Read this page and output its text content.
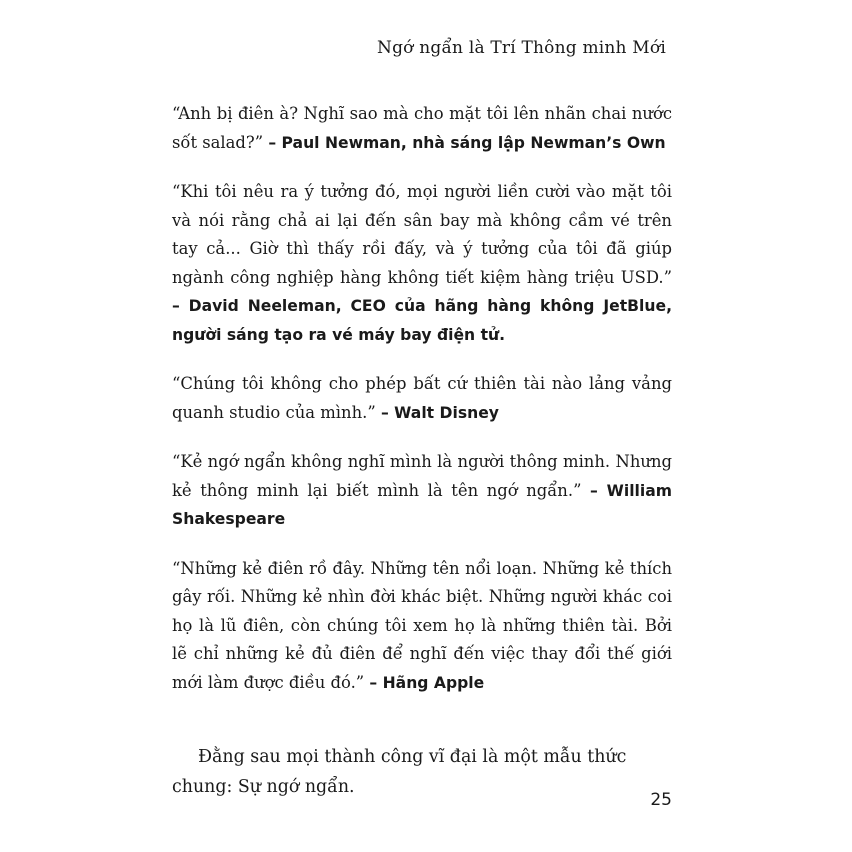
Ngớ ngẩn là Trí Thông minh Mới

“Anh bị điên à? Nghĩ sao mà cho mặt tôi lên nhãn chai nước sốt salad?” – Paul Newman, nhà sáng lập Newman’s Own

“Khi tôi nêu ra ý tưởng đó, mọi người liền cười vào mặt tôi và nói rằng chả ai lại đến sân bay mà không cầm vé trên tay cả... Giờ thì thấy rồi đấy, và ý tưởng của tôi đã giúp ngành công nghiệp hàng không tiết kiệm hàng triệu USD.” – David Neeleman, CEO của hãng hàng không JetBlue, người sáng tạo ra vé máy bay điện tử.

“Chúng tôi không cho phép bất cứ thiên tài nào lảng vảng quanh studio của mình.” – Walt Disney

“Kẻ ngớ ngẩn không nghĩ mình là người thông minh. Nhưng kẻ thông minh lại biết mình là tên ngớ ngẩn.” – William Shakespeare

“Những kẻ điên rồ đây. Những tên nổi loạn. Những kẻ thích gây rối. Những kẻ nhìn đời khác biệt. Những người khác coi họ là lũ điên, còn chúng tôi xem họ là những thiên tài. Bởi lẽ chỉ những kẻ đủ điên để nghĩ đến việc thay đổi thế giới mới làm được điều đó.” – Hãng Apple

Đằng sau mọi thành công vĩ đại là một mẫu thức chung: Sự ngớ ngẩn.

25
